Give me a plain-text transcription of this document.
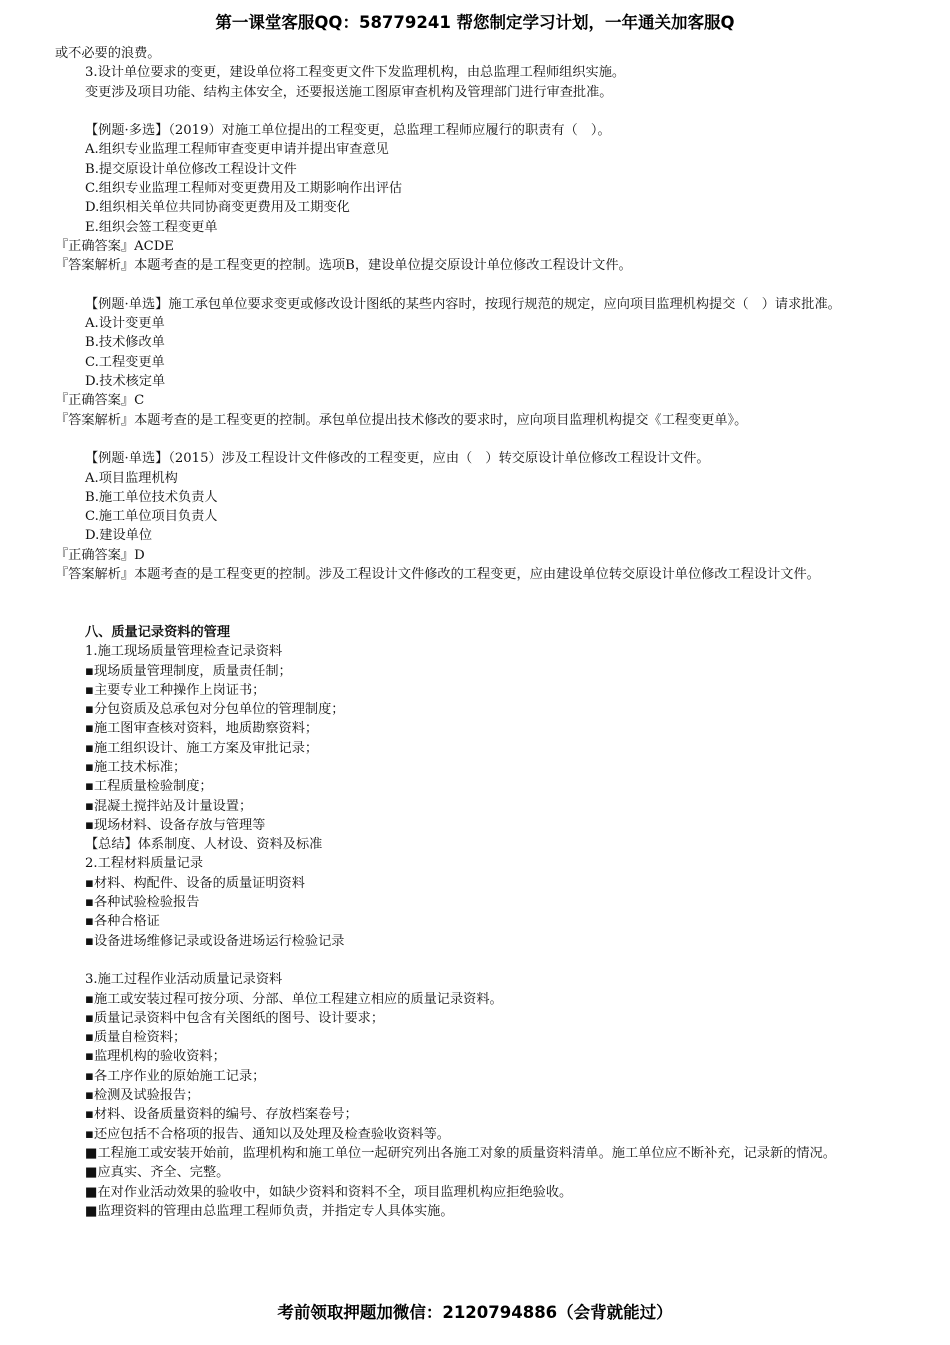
第一课堂客服QQ：58779241 帮您制定学习计划，一年通关加客服Q

或不必要的浪费。

3.设计单位要求的变更，建设单位将工程变更文件下发监理机构，由总监理工程师组织实施。

变更涉及项目功能、结构主体安全，还要报送施工图原审查机构及管理部门进行审查批准。

【例题·多选】（2019）对施工单位提出的工程变更，总监理工程师应履行的职责有（　）。

A.组织专业监理工程师审查变更申请并提出审查意见

B.提交原设计单位修改工程设计文件

C.组织专业监理工程师对变更费用及工期影响作出评估

D.组织相关单位共同协商变更费用及工期变化

E.组织会签工程变更单

『正确答案』ACDE

『答案解析』本题考查的是工程变更的控制。选项B，建设单位提交原设计单位修改工程设计文件。

【例题·单选】施工承包单位要求变更或修改设计图纸的某些内容时，按现行规范的规定，应向项目监理机构提交（　）请求批准。

A.设计变更单

B.技术修改单

C.工程变更单

D.技术核定单

『正确答案』C

『答案解析』本题考查的是工程变更的控制。承包单位提出技术修改的要求时，应向项目监理机构提交《工程变更单》。

【例题·单选】（2015）涉及工程设计文件修改的工程变更，应由（　）转交原设计单位修改工程设计文件。

A.项目监理机构

B.施工单位技术负责人

C.施工单位项目负责人

D.建设单位

『正确答案』D

『答案解析』本题考查的是工程变更的控制。涉及工程设计文件修改的工程变更，应由建设单位转交原设计单位修改工程设计文件。

八、质量记录资料的管理

1.施工现场质量管理检查记录资料

▪现场质量管理制度，质量责任制；

▪主要专业工种操作上岗证书；

▪分包资质及总承包对分包单位的管理制度；

▪施工图审查核对资料，地质勘察资料；

▪施工组织设计、施工方案及审批记录；

▪施工技术标准；

▪工程质量检验制度；

▪混凝土搅拌站及计量设置；

▪现场材料、设备存放与管理等

【总结】体系制度、人材设、资料及标准

2.工程材料质量记录

▪材料、构配件、设备的质量证明资料

▪各种试验检验报告

▪各种合格证

▪设备进场维修记录或设备进场运行检验记录

3.施工过程作业活动质量记录资料

▪施工或安装过程可按分项、分部、单位工程建立相应的质量记录资料。

▪质量记录资料中包含有关图纸的图号、设计要求；

▪质量自检资料；

▪监理机构的验收资料；

▪各工序作业的原始施工记录；

▪检测及试验报告；

▪材料、设备质量资料的编号、存放档案卷号；

▪还应包括不合格项的报告、通知以及处理及检查验收资料等。

■工程施工或安装开始前，监理机构和施工单位一起研究列出各施工对象的质量资料清单。施工单位应不断补充，记录新的情况。

■应真实、齐全、完整。

■在对作业活动效果的验收中，如缺少资料和资料不全，项目监理机构应拒绝验收。

■监理资料的管理由总监理工程师负责，并指定专人具体实施。

考前领取押题加微信：2120794886（会背就能过）
